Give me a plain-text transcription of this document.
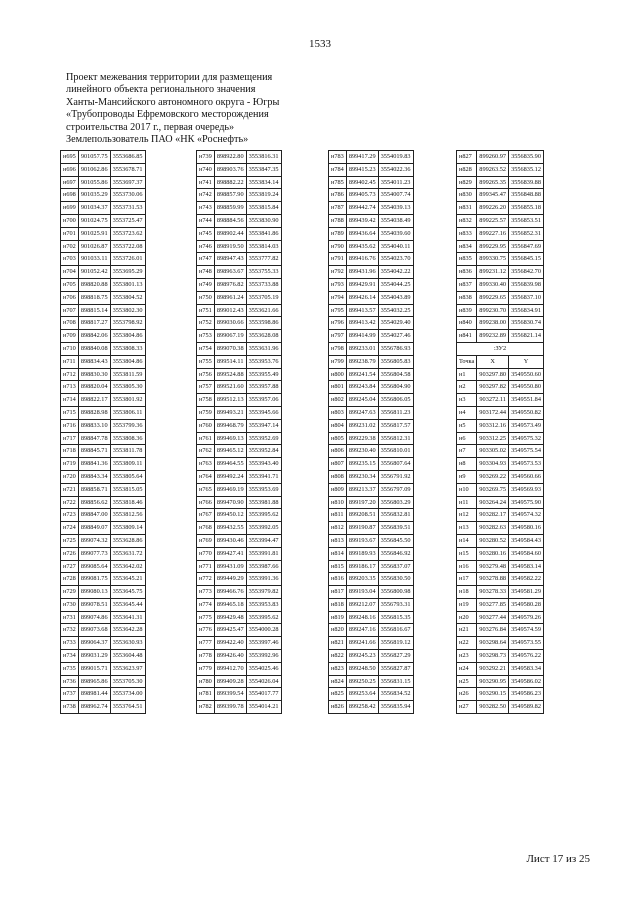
1533
Проект межевания территории для размещения
линейного объекта регионального значения
Ханты-Мансийского автономного округа - Югры
«Трубопроводы Ефремовского месторождения
строительства 2017 г., первая очередь»
Землепользователь ПАО «НК «Роснефть»
н695	901057.75	3553686.85
н696	901062.86	3553678.71
н697	901055.86	3553697.37
н698	901035.29	3553730.06
н699	901034.37	3553731.53
н700	901024.75	3553725.47
н701	901025.91	3553723.62
н702	901026.87	3553722.08
н703	901033.11	3553726.01
н704	901052.42	3553695.29
н705	898820.88	3553801.13
н706	898818.75	3553804.52
н707	898815.14	3553802.30
н708	898817.27	3553798.92
н709	898842.06	3553804.86
н710	898840.08	3553808.33
н711	898834.43	3553804.86
н712	898830.30	3553811.59
н713	898820.04	3553805.30
н714	898822.17	3553801.92
н715	898828.98	3553806.11
н716	898833.10	3553799.36
н717	898847.78	3553808.36
н718	898845.71	3553811.78
н719	898841.36	3553809.11
н720	898843.34	3553805.64
н721	898858.71	3553815.05
н722	898856.62	3553818.46
н723	898847.00	3553812.56
н724	898849.07	3553809.14
н725	899074.32	3553628.86
н726	899077.73	3553631.72
н727	899085.64	3553642.02
н728	899081.75	3553645.21
н729	899080.13	3553645.75
н730	899078.51	3553645.44
н731	899074.86	3553641.31
н732	899073.68	3553642.28
н733	899064.37	3553630.93
н734	899031.29	3553604.48
н735	899015.71	3553623.97
н736	898965.86	3553705.30
н737	898981.44	3553734.00
н738	898962.74	3553764.51
н739	898922.80	3553816.31
н740	898903.76	3553847.35
н741	898882.22	3553834.14
н742	898857.90	3553819.24
н743	898859.99	3553815.84
н744	898884.56	3553830.90
н745	898902.44	3553841.86
н746	898919.50	3553814.03
н747	898947.43	3553777.82
н748	898963.67	3553755.33
н749	898976.82	3553733.88
н750	898961.24	3553705.19
н751	899012.43	3553621.66
н752	899030.66	3553598.86
н753	899067.19	3553628.08
н754	899070.38	3553631.96
н755	899514.11	3553953.76
н756	899524.88	3553955.49
н757	899521.60	3553957.88
н758	899512.13	3553957.06
н759	899493.21	3553945.66
н760	899468.79	3553947.14
н761	899469.13	3553952.69
н762	899465.12	3553952.84
н763	899464.55	3553943.40
н764	899492.24	3553941.71
н765	899469.19	3553953.69
н766	899470.90	3553981.88
н767	899450.12	3553995.62
н768	899432.55	3553992.05
н769	899430.46	3553994.47
н770	899427.41	3553991.81
н771	899431.09	3553987.66
н772	899449.29	3553991.36
н773	899466.76	3553979.82
н774	899465.18	3553953.83
н775	899429.48	3553995.62
н776	899425.47	3554000.28
н777	899422.40	3553997.46
н778	899426.40	3553992.96
н779	899412.70	3554025.46
н780	899409.28	3554026.04
н781	899399.54	3554017.77
н782	899399.78	3554014.21
н783	899417.29	3554019.83
н784	899415.23	3554022.36
н785	899402.45	3554011.23
н786	899405.73	3554007.74
н787	899442.74	3554039.13
н788	899439.42	3554038.49
н789	899436.64	3554039.60
н790	899435.62	3554040.11
н791	899416.76	3554023.70
н792	899431.96	3554042.22
н793	899429.91	3554044.25
н794	899426.14	3554043.89
н795	899413.57	3554032.25
н796	899413.42	3554029.40
н797	899414.99	3554027.46
н798	899233.01	3556786.93
н799	899238.79	3556805.83
н800	899241.54	3556804.58
н801	899243.84	3556804.90
н802	899245.04	3556806.05
н803	899247.63	3556811.23
н804	899231.02	3556817.57
н805	899229.38	3556812.31
н806	899230.40	3556810.01
н807	899235.15	3556807.64
н808	899230.34	3556791.92
н809	899213.37	3556797.09
н810	899197.20	3556803.29
н811	899208.51	3556832.81
н812	899190.87	3556839.51
н813	899193.67	3556845.50
н814	899189.93	3556846.92
н815	899186.17	3556837.07
н816	899203.35	3556830.50
н817	899193.04	3556800.98
н818	899212.07	3556793.31
н819	899248.16	3556815.35
н820	899247.16	3556816.67
н821	899241.66	3556819.12
н822	899245.23	3556827.29
н823	899248.50	3556827.87
н824	899250.25	3556831.15
н825	899253.64	3556834.52
н826	899258.42	3556835.94
н827	899260.97	3556835.90
н828	899263.52	3556835.12
н829	899265.35	3556839.88
н830	899345.47	3556848.88
н831	899226.20	3556855.18
н832	899225.57	3556853.51
н833	899227.16	3556852.31
н834	899229.95	3556847.69
н835	899330.75	3556845.15
н836	899231.12	3556842.70
н837	899330.40	3556839.98
н838	899229.65	3556837.10
н839	899230.70	3556834.91
н840	899238.00	3556830.74
н841	899232.89	3556821.14
:ЗУ2		
Точка	X	Y
н1	903297.80	3549550.60
н2	903297.82	3549550.80
н3	903272.11	3549551.84
н4	903172.44	3549550.82
н5	903312.16	3549573.49
н6	903312.25	3549575.32
н7	903305.02	3549575.54
н8	903304.93	3549573.53
н9	903269.22	3549560.66
н10	903269.75	3549569.93
н11	903264.24	3549575.90
н12	903282.17	3549574.32
н13	903282.63	3549580.16
н14	903280.52	3549584.43
н15	903280.16	3549584.60
н16	903279.48	3549583.14
н17	903278.88	3549582.22
н18	903278.33	3549581.29
н19	903277.85	3549580.28
н20	903277.44	3549579.26
н21	903276.84	3549574.59
н22	903298.64	3549573.55
н23	903298.73	3549576.22
н24	903292.21	3549583.34
н25	903290.95	3549586.02
н26	903290.15	3549586.23
н27	903282.50	3549589.82
Лист 17 из 25
